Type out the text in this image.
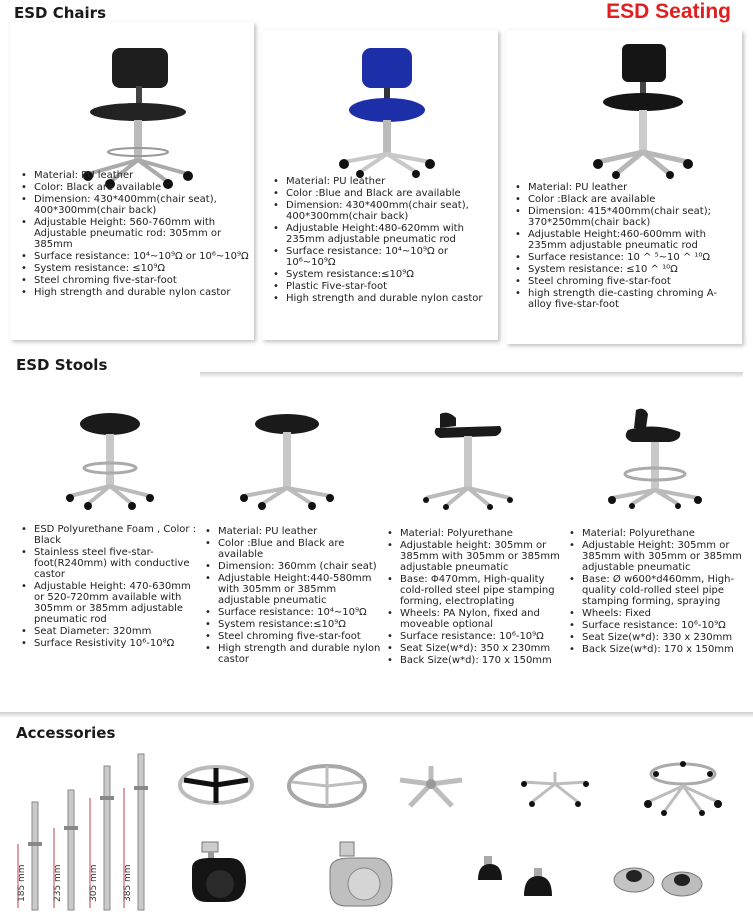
ESD Chairs	ESD Seating
• Material: PU leather
• Color: Black are available
• Dimension: 430*400mm(chair seat), 400*300mm(chair back)
• Adjustable Height: 560-760mm with Adjustable pneumatic rod: 305mm or 385mm
• Surface resistance: 10⁴~10⁹Ω or 10⁶~10⁹Ω
• System resistance: ≤10⁹Ω
• Steel chroming five-star-foot
• High strength and durable nylon castor
• Material: PU leather
• Color :Blue and Black are available
• Dimension: 430*400mm(chair seat), 400*300mm(chair back)
• Adjustable Height:480-620mm with 235mm adjustable pneumatic rod
• Surface resistance: 10⁴~10⁹Ω or 10⁶~10⁹Ω
• System resistance:≤10⁹Ω
• Plastic Five-star-foot
• High strength and durable nylon castor
• Material: PU leather
• Color :Black are available
• Dimension: 415*400mm(chair seat); 370*250mm(chair back)
• Adjustable Height:460-600mm with 235mm adjustable pneumatic rod
• Surface resistance: 10 ^ ⁵~10 ^ ¹⁰Ω
• System resistance: ≤10 ^ ¹⁰Ω
• Steel chroming five-star-foot
• high strength die-casting chroming A-alloy five-star-foot
ESD Stools
• ESD Polyurethane Foam , Color : Black
• Stainless steel five-star-foot(R240mm) with conductive castor
• Adjustable Height: 470-630mm or 520-720mm available with 305mm or 385mm adjustable pneumatic rod
• Seat Diameter: 320mm
• Surface Resistivity 10⁶-10⁸Ω
• Material: PU leather
• Color :Blue and Black are available
• Dimension: 360mm (chair seat)
• Adjustable Height:440-580mm with 305mm or 385mm adjustable pneumatic
• Surface resistance: 10⁴~10⁹Ω
• System resistance:≤10⁹Ω
• Steel chroming five-star-foot
• High strength and durable nylon castor
• Material: Polyurethane
• Adjustable height: 305mm or 385mm with 305mm or 385mm adjustable pneumatic
• Base: Φ470mm, High-quality cold-rolled steel pipe stamping forming, electroplating
• Wheels: PA Nylon, fixed and moveable optional
• Surface resistance: 10⁶-10⁹Ω
• Seat Size(w*d): 350 x 230mm
• Back Size(w*d): 170 x 150mm
• Material: Polyurethane
• Adjustable Height: 305mm or 385mm with 305mm or 385mm adjustable pneumatic
• Base: Ø w600*d460mm, High-quality cold-rolled steel pipe stamping forming, spraying
• Wheels: Fixed
• Surface resistance: 10⁶-10⁹Ω
• Seat Size(w*d): 330 x 230mm
• Back Size(w*d): 170 x 150mm
Accessories
185 mm	235 mm	305 mm	385 mm
